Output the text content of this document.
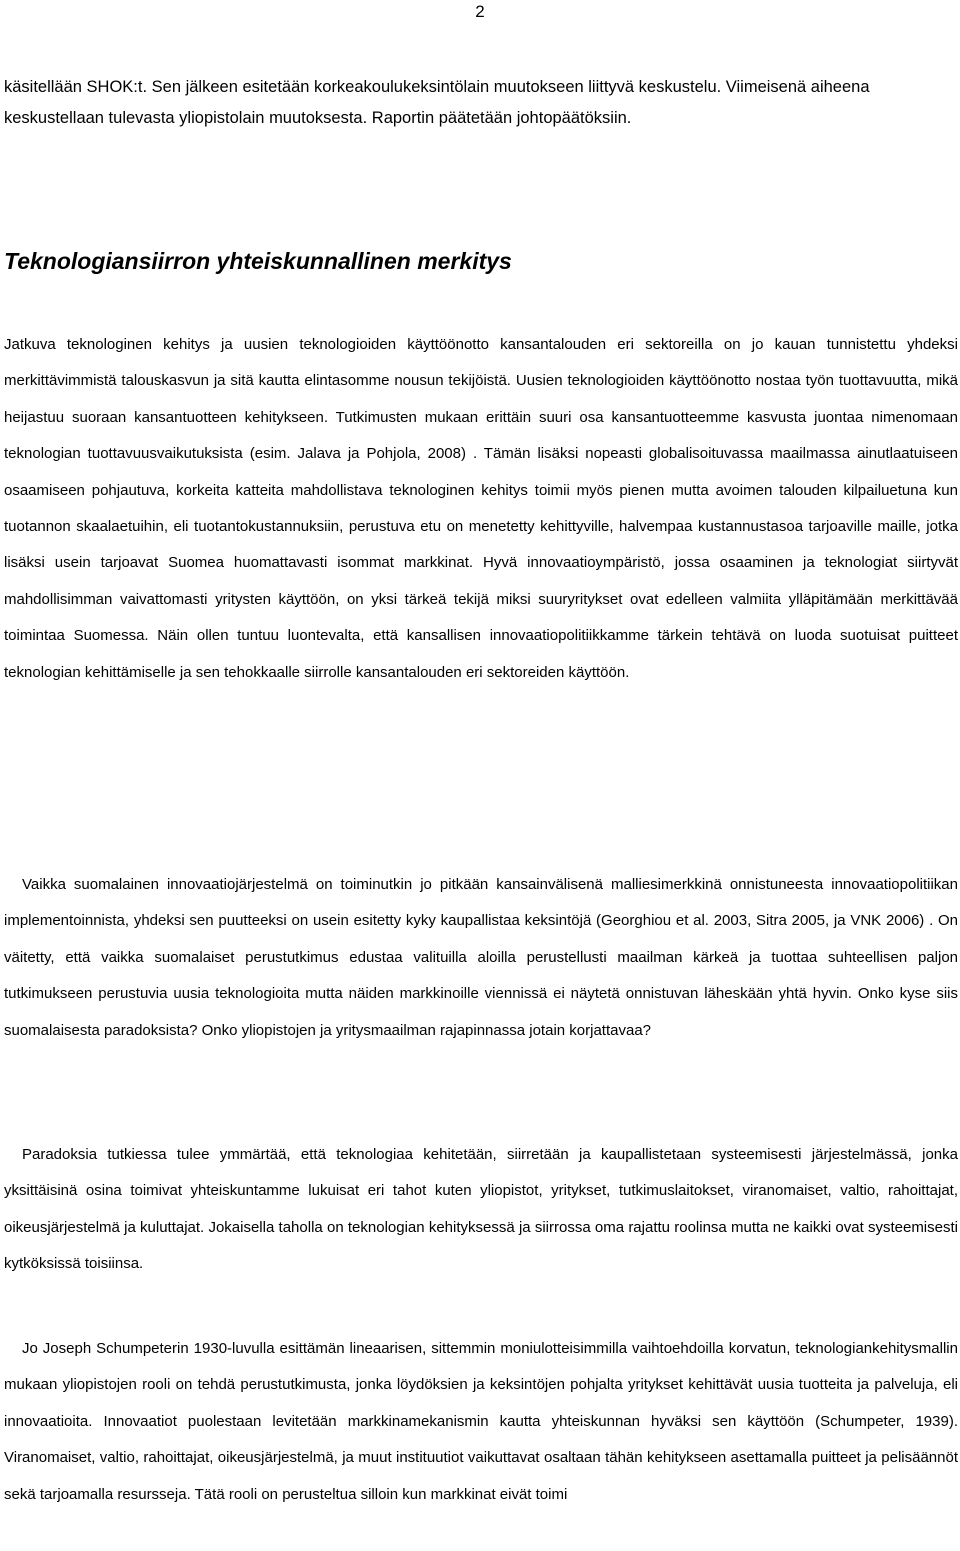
2

käsitellään SHOK:t. Sen jälkeen esitetään korkeakoulukeksintölain muutokseen liittyvä keskustelu. Viimeisenä aiheena keskustellaan tulevasta yliopistolain muutoksesta. Raportin päätetään johtopäätöksiin.

Teknologiansiirron yhteiskunnallinen merkitys

Jatkuva teknologinen kehitys ja uusien teknologioiden käyttöönotto kansantalouden eri sektoreilla on jo kauan tunnistettu yhdeksi merkittävimmistä talouskasvun ja sitä kautta elintasomme nousun tekijöistä. Uusien teknologioiden käyttöönotto nostaa työn tuottavuutta, mikä heijastuu suoraan kansantuotteen kehitykseen. Tutkimusten mukaan erittäin suuri osa kansantuotteemme kasvusta juontaa nimenomaan teknologian tuottavuusvaikutuksista (esim. Jalava ja Pohjola, 2008) . Tämän lisäksi nopeasti globalisoituvassa maailmassa ainutlaatuiseen osaamiseen pohjautuva, korkeita katteita mahdollistava teknologinen kehitys toimii myös pienen mutta avoimen talouden kilpailuetuna kun tuotannon skaalaetuihin, eli tuotantokustannuksiin, perustuva etu on menetetty kehittyville, halvempaa kustannustasoa tarjoaville maille, jotka lisäksi usein tarjoavat Suomea huomattavasti isommat markkinat. Hyvä innovaatioympäristö, jossa osaaminen ja teknologiat siirtyvät mahdollisimman vaivattomasti yritysten käyttöön, on yksi tärkeä tekijä miksi suuryritykset ovat edelleen valmiita ylläpitämään merkittävää toimintaa Suomessa. Näin ollen tuntuu luontevalta, että kansallisen innovaatiopolitiikkamme tärkein tehtävä on luoda suotuisat puitteet teknologian kehittämiselle ja sen tehokkaalle siirrolle kansantalouden eri sektoreiden käyttöön.

Vaikka suomalainen innovaatiojärjestelmä on toiminutkin jo pitkään kansainvälisenä malliesimerkkinä onnistuneesta innovaatiopolitiikan implementoinnista, yhdeksi sen puutteeksi on usein esitetty kyky kaupallistaa keksintöjä (Georghiou et al. 2003, Sitra 2005, ja VNK 2006) . On väitetty, että vaikka suomalaiset perustutkimus edustaa valituilla aloilla perustellusti maailman kärkeä ja tuottaa suhteellisen paljon tutkimukseen perustuvia uusia teknologioita mutta näiden markkinoille viennissä ei näytetä onnistuvan läheskään yhtä hyvin. Onko kyse siis suomalaisesta paradoksista? Onko yliopistojen ja yritysmaailman rajapinnassa jotain korjattavaa?

Paradoksia tutkiessa tulee ymmärtää, että teknologiaa kehitetään, siirretään ja kaupallistetaan systeemisesti järjestelmässä, jonka yksittäisinä osina toimivat yhteiskuntamme lukuisat eri tahot kuten yliopistot, yritykset, tutkimuslaitokset, viranomaiset, valtio, rahoittajat, oikeusjärjestelmä ja kuluttajat. Jokaisella taholla on teknologian kehityksessä ja siirrossa oma rajattu roolinsa mutta ne kaikki ovat systeemisesti kytköksissä toisiinsa.

Jo Joseph Schumpeterin 1930-luvulla esittämän lineaarisen, sittemmin moniulotteisimmilla vaihtoehdoilla korvatun, teknologiankehitysmallin mukaan yliopistojen rooli on tehdä perustutkimusta, jonka löydöksien ja keksintöjen pohjalta yritykset kehittävät uusia tuotteita ja palveluja, eli innovaatioita. Innovaatiot puolestaan levitetään markkinamekanismin kautta yhteiskunnan hyväksi sen käyttöön (Schumpeter, 1939). Viranomaiset, valtio, rahoittajat, oikeusjärjestelmä, ja muut instituutiot vaikuttavat osaltaan tähän kehitykseen asettamalla puitteet ja pelisäännöt sekä tarjoamalla resursseja. Tätä rooli on perusteltua silloin kun markkinat eivät toimi
